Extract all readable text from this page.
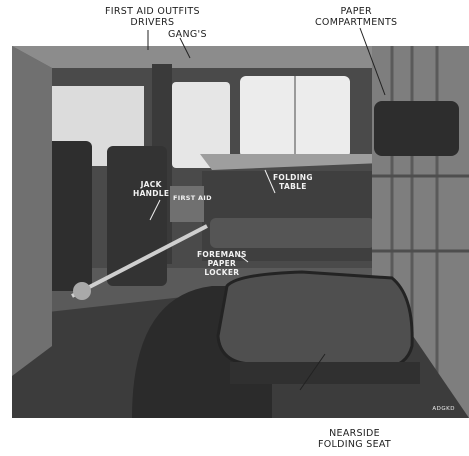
FIRST AID OUTFITS
DRIVERS
GANG'S
PAPER
COMPARTMENTS
NEARSIDE
FOLDING SEAT
JACK
HANDLE
FOLDING
TABLE
FIRST AID
FOREMANS
PAPER
LOCKER
ADGKD
